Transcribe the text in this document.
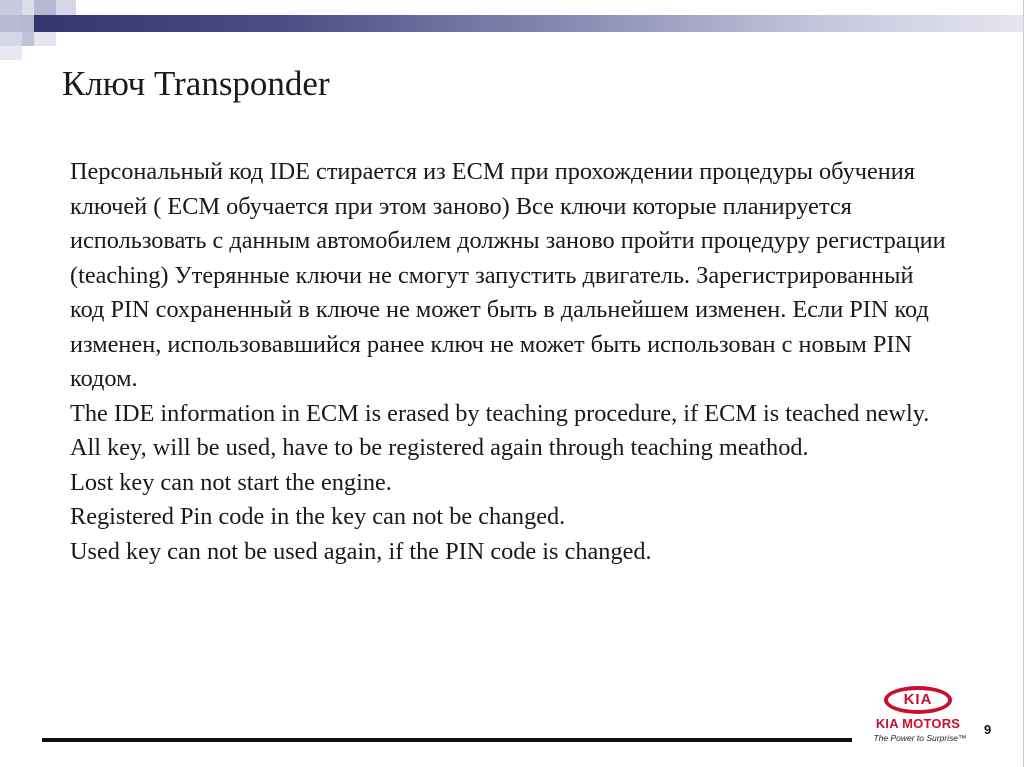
Ключ Transponder

Персональный код IDE стирается из ECM при прохождении процедуры обучения ключей ( ECM обучается при этом заново) Все ключи которые планируется использовать с данным автомобилем должны заново пройти процедуру регистрации (teaching) Утерянные ключи не смогут запустить двигатель. Зарегистрированный код PIN сохраненный в ключе не может быть в дальнейшем изменен. Если PIN код изменен, использовавшийся ранее ключ не может быть использован с новым PIN кодом.

The IDE information in ECM is erased by teaching procedure, if ECM is teached newly.

All key, will be used, have to be registered again through teaching meathod.

Lost key can not start the engine.

Registered Pin code in the key can not be changed.

Used key can not be used again, if the PIN code is changed.

KIA
KIA MOTORS
The Power to Surprise™
9
